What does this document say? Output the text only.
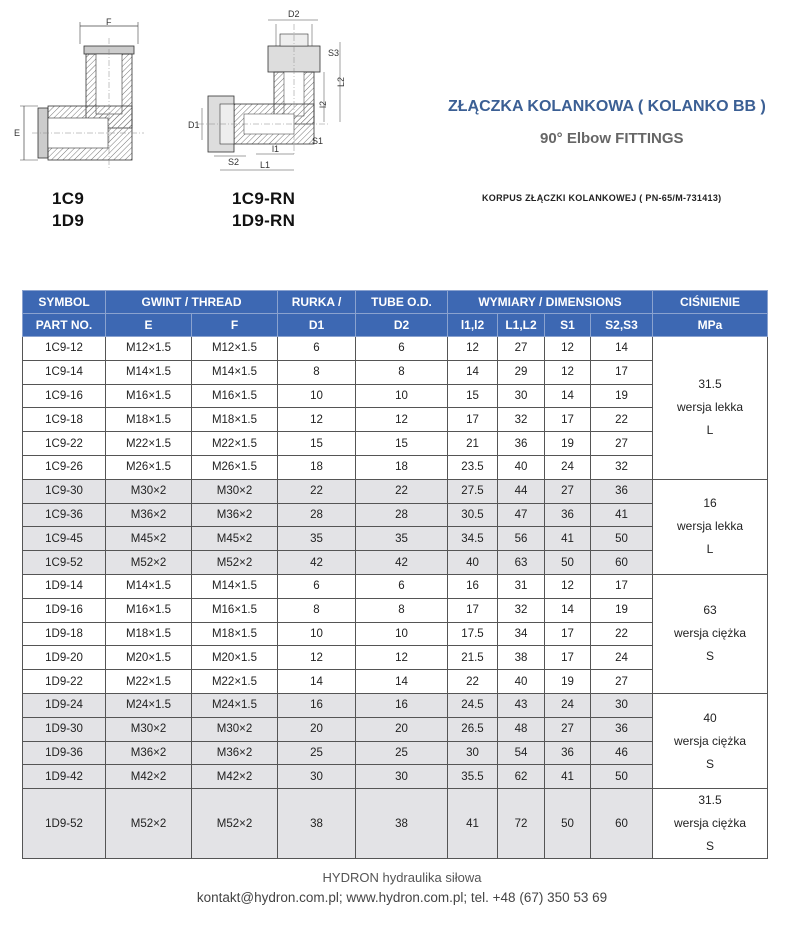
F
E
1C9
1D9
D2
S3
l2
L2
D1
S1
S2
l1
L1
1C9-RN
1D9-RN
ZŁĄCZKA KOLANKOWA ( KOLANKO BB )
90° Elbow FITTINGS
KORPUS ZŁĄCZKI KOLANKOWEJ ( PN-65/M-731413)
SYMBOL	GWINT / THREAD		RURKA /	TUBE O.D.	WYMIARY / DIMENSIONS				CIŚNIENIE
PART NO.	E	F	D1	D2	l1,l2	L1,L2	S1	S2,S3	MPa
1C9-12	M12×1.5	M12×1.5	6	6	12	27	12	14	31.5
wersja lekka
L

1C9-14	M14×1.5	M14×1.5	8	8	14	29	12	17	
1C9-16	M16×1.5	M16×1.5	10	10	15	30	14	19	
1C9-18	M18×1.5	M18×1.5	12	12	17	32	17	22	
1C9-22	M22×1.5	M22×1.5	15	15	21	36	19	27	
1C9-26	M26×1.5	M26×1.5	18	18	23.5	40	24	32	
1C9-30	M30×2	M30×2	22	22	27.5	44	27	36	16
wersja lekka
L

1C9-36	M36×2	M36×2	28	28	30.5	47	36	41	
1C9-45	M45×2	M45×2	35	35	34.5	56	41	50	
1C9-52	M52×2	M52×2	42	42	40	63	50	60	
1D9-14	M14×1.5	M14×1.5	6	6	16	31	12	17	63
wersja ciężka
S

1D9-16	M16×1.5	M16×1.5	8	8	17	32	14	19	
1D9-18	M18×1.5	M18×1.5	10	10	17.5	34	17	22	
1D9-20	M20×1.5	M20×1.5	12	12	21.5	38	17	24	
1D9-22	M22×1.5	M22×1.5	14	14	22	40	19	27	
1D9-24	M24×1.5	M24×1.5	16	16	24.5	43	24	30	40
wersja ciężka
S

1D9-30	M30×2	M30×2	20	20	26.5	48	27	36	
1D9-36	M36×2	M36×2	25	25	30	54	36	46	
1D9-42	M42×2	M42×2	30	30	35.5	62	41	50	
1D9-52	M52×2	M52×2	38	38	41	72	50	60	31.5
wersja ciężka
S
HYDRON hydraulika siłowa
kontakt@hydron.com.pl; www.hydron.com.pl; tel. +48 (67) 350 53 69
